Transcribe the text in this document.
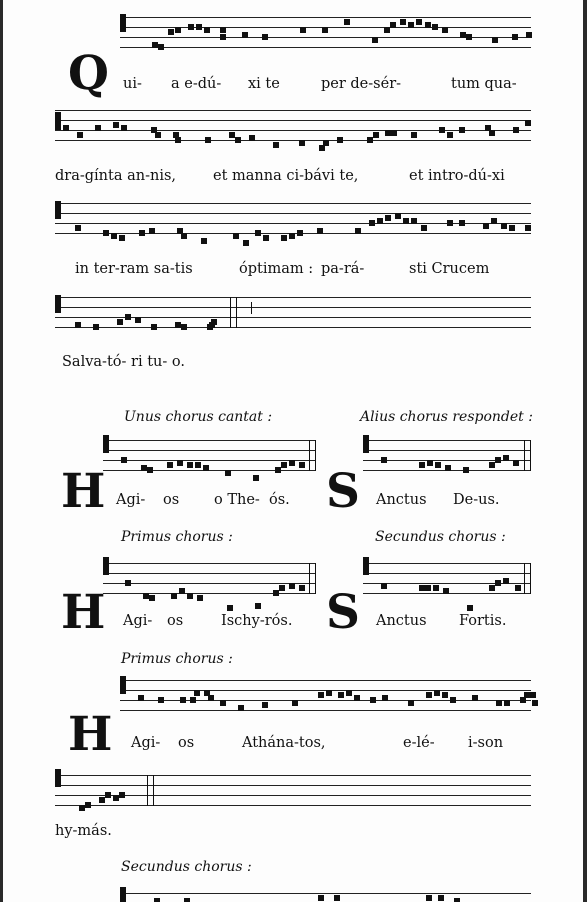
Q ui- a e-dú- xi te	per de-sér-	tum qua-
dra-gínta an-nis,	et manna ci-bávi te,	et intro-dú-xi
in ter-ram sa-tis	óptimam : pa-rá-	sti Crucem
Salva-tó- ri tu- o.
Unus chorus cantat :	Alius chorus respondet :
H Agi- os o The- ós. S Anctus De-us.
Primus chorus :	Secundus chorus :
H Agi- os	Ischy-rós. S Anctus Fortis.
Primus chorus :
H Agi- os	Athána-tos,	e-lé- i-son
hy-más.
Secundus chorus :
